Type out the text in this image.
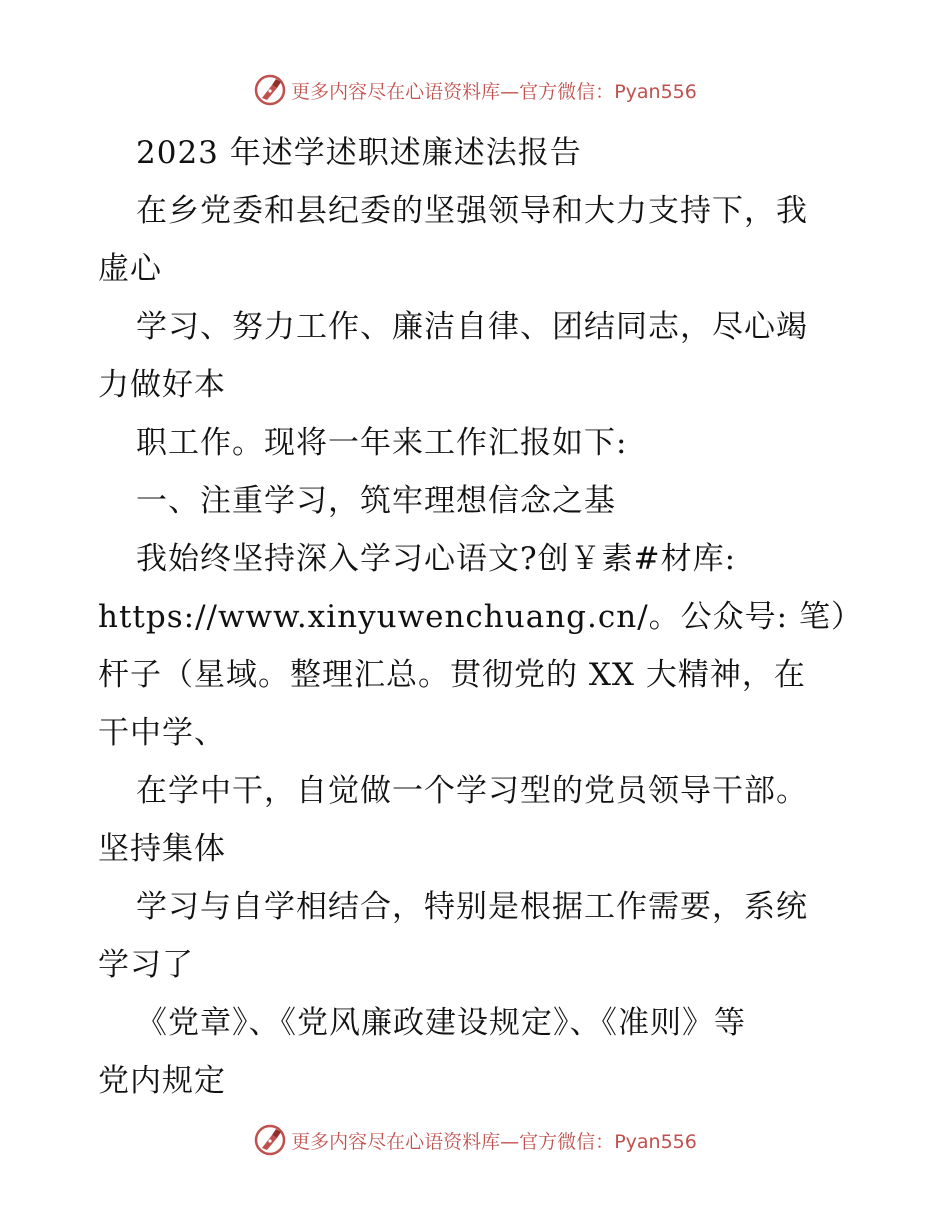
更多内容尽在心语资料库—官方微信：Pyan556
2023 年述学述职述廉述法报告
在乡党委和县纪委的坚强领导和大力支持下，我
虚心
学习、努力工作、廉洁自律、团结同志，尽心竭
力做好本
职工作。现将一年来工作汇报如下:
一、注重学习，筑牢理想信念之基
我始终坚持深入学习心语文?创￥素#材库:
https://www.xinyuwenchuang.cn/。公众号: 笔）
杆子（星域。整理汇总。贯彻党的 XX 大精神，在
干中学、
在学中干，自觉做一个学习型的党员领导干部。
坚持集体
学习与自学相结合，特别是根据工作需要，系统
学习了
《党章》、《党风廉政建设规定》、《准则》等
党内规定
更多内容尽在心语资料库—官方微信：Pyan556
